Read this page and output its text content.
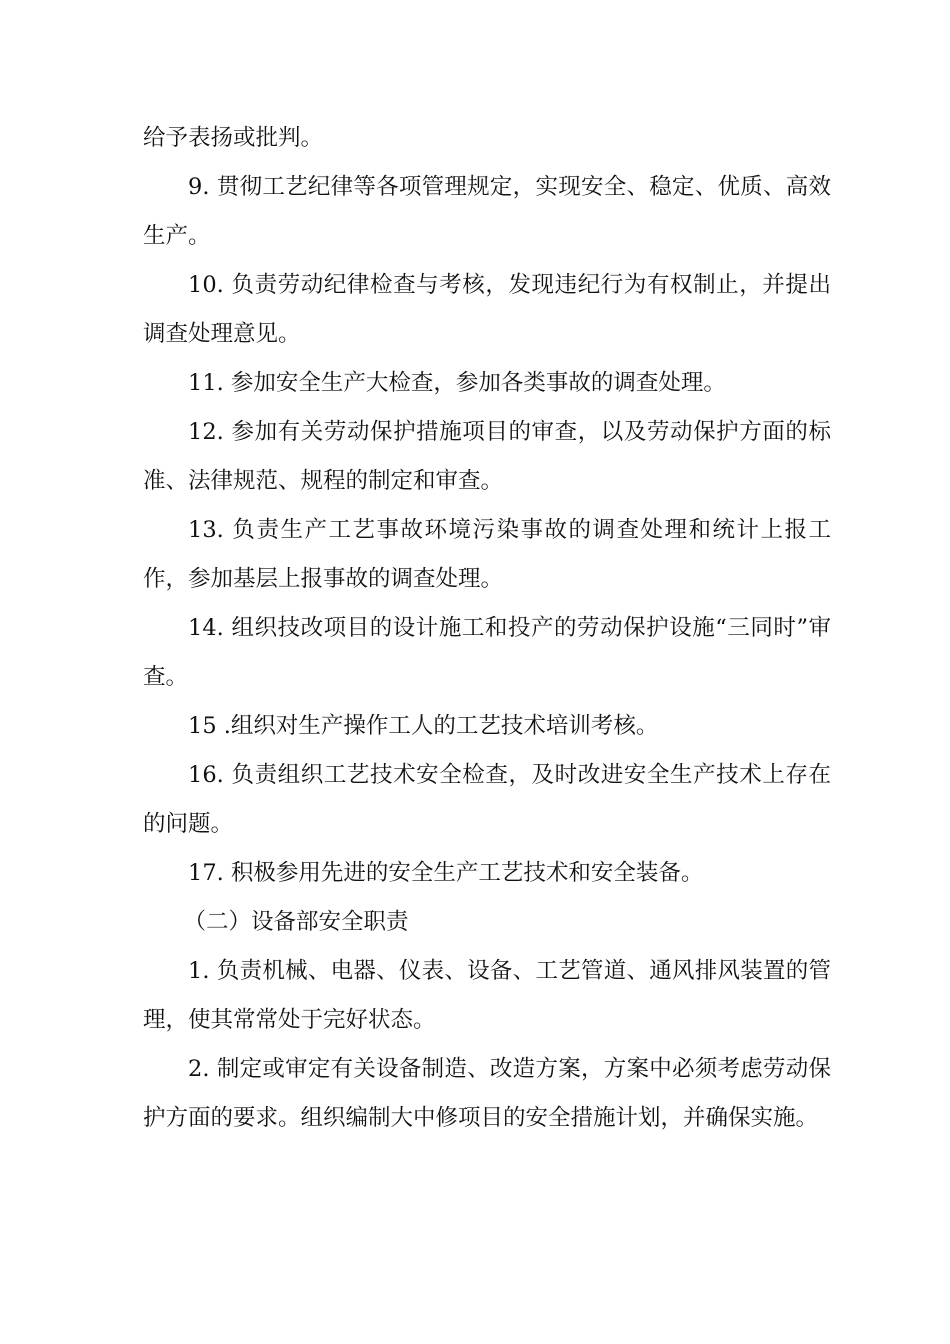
给予表扬或批判。

9. 贯彻工艺纪律等各项管理规定，实现安全、稳定、优质、高效生产。

10. 负责劳动纪律检查与考核，发现违纪行为有权制止，并提出调查处理意见。

11. 参加安全生产大检查，参加各类事故的调查处理。

12. 参加有关劳动保护措施项目的审查，以及劳动保护方面的标准、法律规范、规程的制定和审查。

13. 负责生产工艺事故环境污染事故的调查处理和统计上报工作，参加基层上报事故的调查处理。

14. 组织技改项目的设计施工和投产的劳动保护设施“三同时”审查。

15 .组织对生产操作工人的工艺技术培训考核。

16. 负责组织工艺技术安全检查，及时改进安全生产技术上存在的问题。

17. 积极参用先进的安全生产工艺技术和安全装备。

（二）设备部安全职责

1. 负责机械、电器、仪表、设备、工艺管道、通风排风装置的管理，使其常常处于完好状态。

2. 制定或审定有关设备制造、改造方案，方案中必须考虑劳动保护方面的要求。组织编制大中修项目的安全措施计划，并确保实施。
